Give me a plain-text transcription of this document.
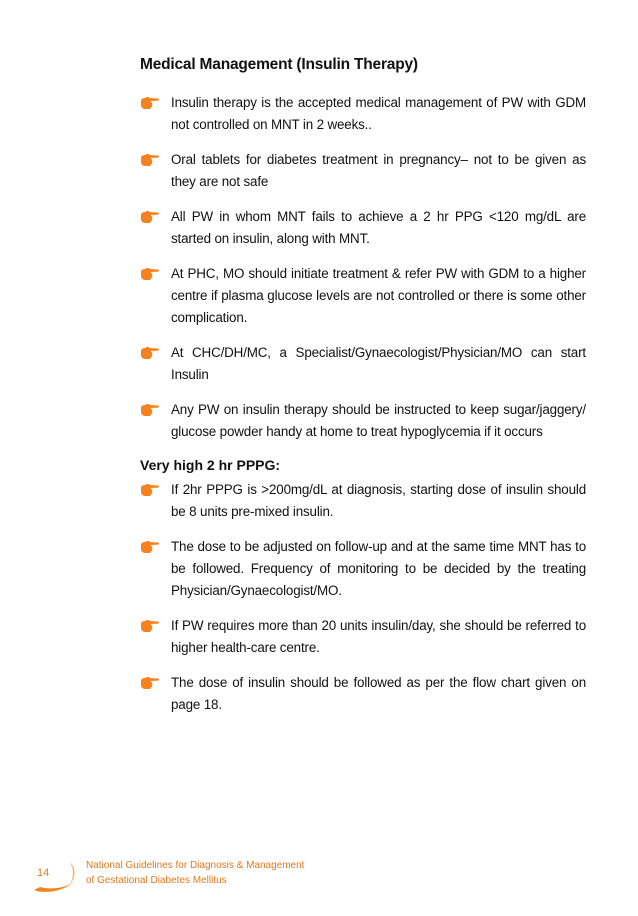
Medical Management (Insulin Therapy)
Insulin therapy is the accepted medical management of PW with GDM not controlled on MNT in 2 weeks..
Oral tablets for diabetes treatment in pregnancy– not to be given as they are not safe
All PW in whom MNT fails to achieve a 2 hr PPG <120 mg/dL are started on insulin, along with MNT.
At PHC, MO should initiate treatment & refer PW with GDM to a higher centre if plasma glucose levels are not controlled or there is some other complication.
At CHC/DH/MC, a Specialist/Gynaecologist/Physician/MO can start Insulin
Any PW on insulin therapy should be instructed to keep sugar/jaggery/ glucose powder handy at home to treat hypoglycemia if it occurs
Very high 2 hr PPPG:
If 2hr PPPG is >200mg/dL at diagnosis, starting dose of insulin should be 8 units pre-mixed insulin.
The dose to be adjusted on follow-up and at the same time MNT has to be followed. Frequency of monitoring to be decided by the treating Physician/Gynaecologist/MO.
If PW requires more than 20 units insulin/day, she should be referred to higher health-care centre.
The dose of insulin should be followed as per the flow chart given on page 18.
14
National Guidelines for Diagnosis & Management
of Gestational Diabetes Mellitus
